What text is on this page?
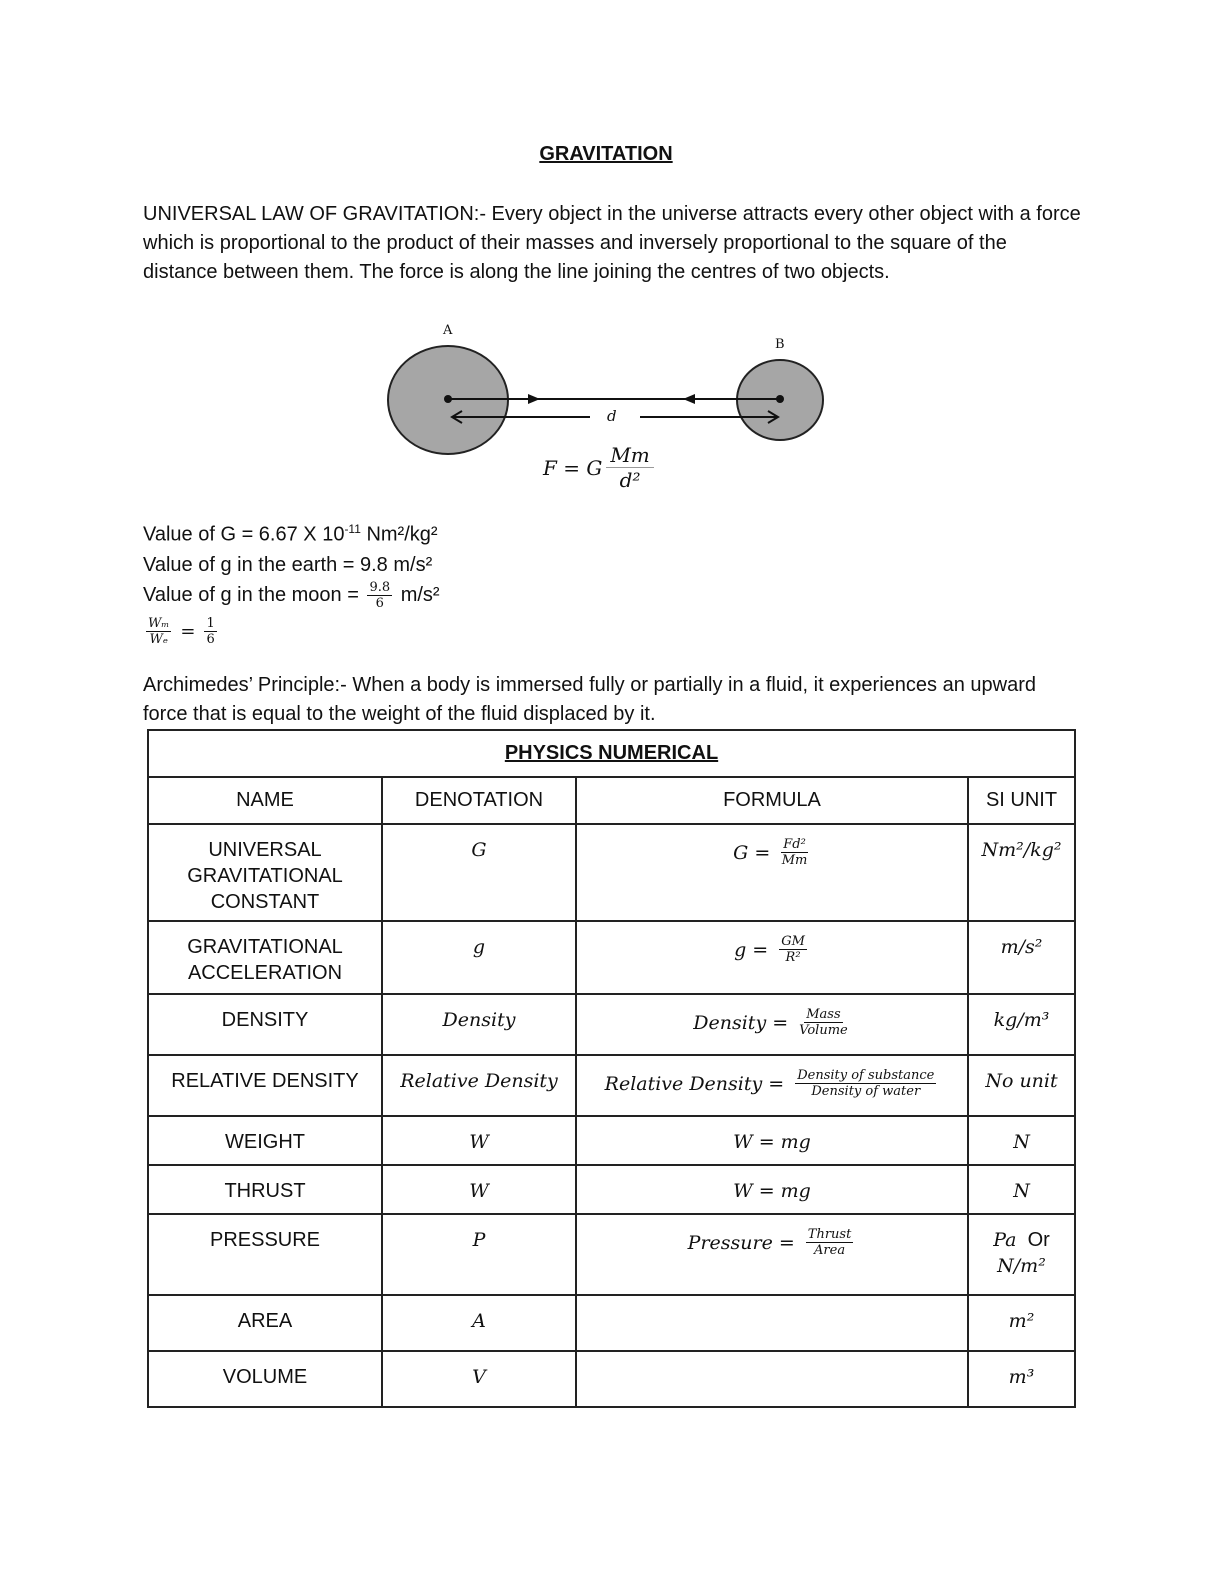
GRAVITATION
UNIVERSAL LAW OF GRAVITATION:- Every object in the universe attracts every other object with a force which is proportional to the product of their masses and inversely proportional to the square of the distance between them. The force is along the line joining the centres of two objects.
A
B
d
F = G
Mm
d²
Value of G = 6.67 X $10^{-11}$ Nm²/kg²
Value of g in the earth = 9.8 m/s²
Value of g in the moon = $\frac{9.8}{6} m/s^2$
$\frac{\text{Wₘ}}{\text{Wₑ}} = \frac{1}{6}$
Archimedes’ Principle:- When a body is immersed fully or partially in a fluid, it experiences an upward force that is equal to the weight of the fluid displaced by it.
PHYSICS NUMERICAL			
NAME	DENOTATION	FORMULA	SI UNIT
UNIVERSAL GRAVITATIONAL CONSTANT	G	$G = \frac{\text{Fd²}}{Mm}$	Nm²/kg²
GRAVITATIONAL ACCELERATION	g	$g = \frac{GM}{\text{R²}}$	m/s²
DENSITY	Density	Density = $\frac{\text{Mass}}{\text{Volume}}$	kg/m³
RELATIVE DENSITY	Relative Density	Relative Density = $\frac{\text{Density of substance}}{\text{Density of water}}$	No unit
WEIGHT	W	W = mg	N
THRUST	W	W = mg	N
PRESSURE	P	Pressure = $\frac{\text{Thrust}}{\text{Area}}$	Pa Or
N/m²
AREA	A		m²
VOLUME	V		m³
